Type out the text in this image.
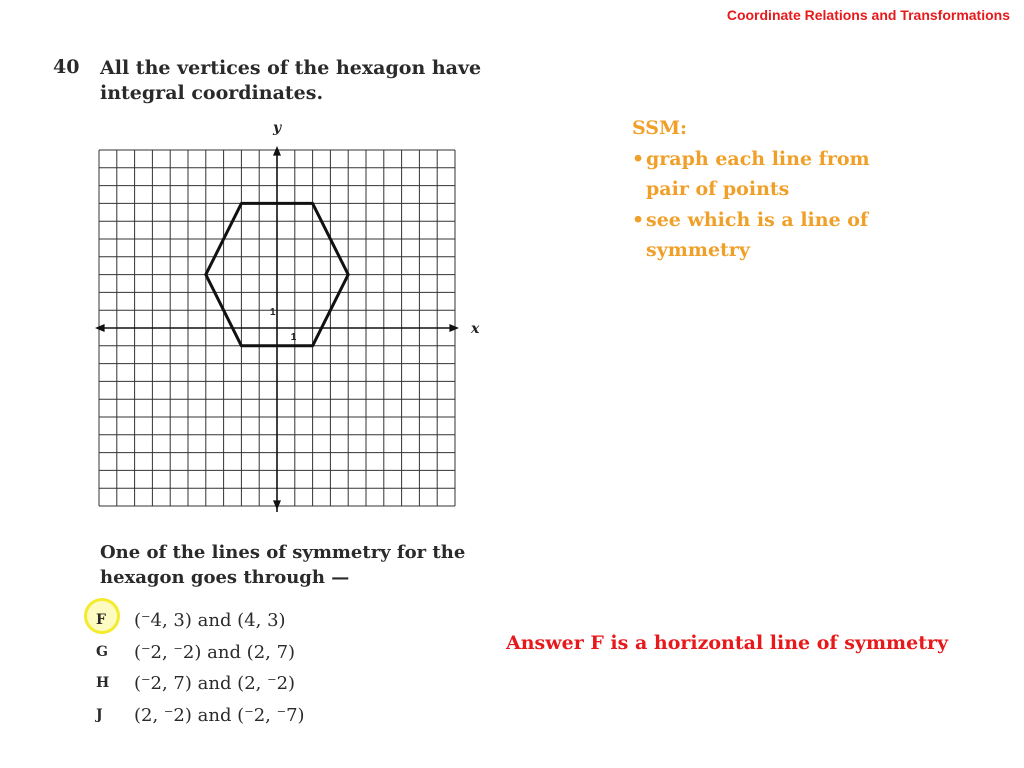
Coordinate Relations and Transformations
40 All the vertices of the hexagon have integral coordinates.
x
y
1
1
One of the lines of symmetry for the hexagon goes through —
F	(⁻4, 3) and (4, 3)
G	(⁻2, ⁻2) and (2, 7)
H	(⁻2, 7) and (2, ⁻2)
J	(2, ⁻2) and (⁻2, ⁻7)
SSM:
• graph each line from pair of points
• see which is a line of symmetry
Answer F is a horizontal line of symmetry
